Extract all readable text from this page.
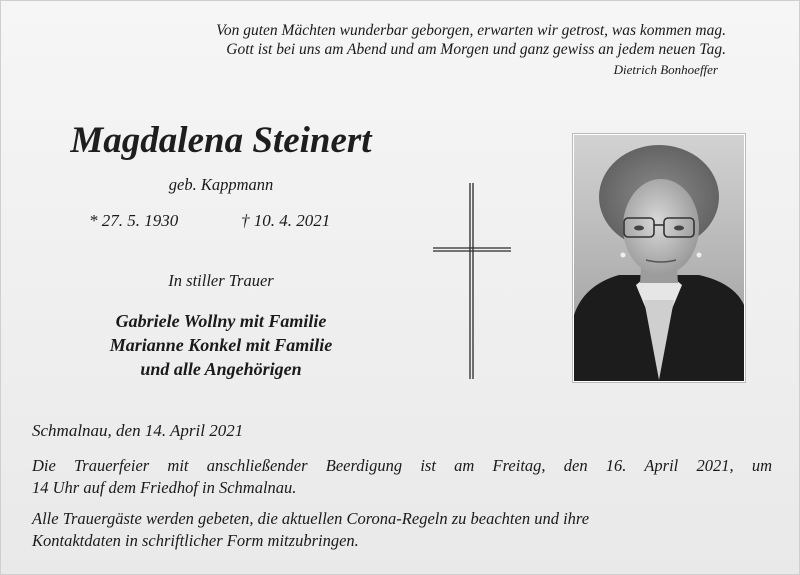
Von guten Mächten wunderbar geborgen, erwarten wir getrost, was kommen mag.
Gott ist bei uns am Abend und am Morgen und ganz gewiss an jedem neuen Tag.
Dietrich Bonhoeffer
Magdalena Steinert
geb. Kappmann
* 27. 5. 1930	† 10. 4. 2021
In stiller Trauer
Gabriele Wollny mit Familie
Marianne Konkel mit Familie
und alle Angehörigen
Schmalnau, den 14. April 2021
Die Trauerfeier mit anschließender Beerdigung ist am Freitag, den 16. April 2021, um
14 Uhr auf dem Friedhof in Schmalnau.
Alle Trauergäste werden gebeten, die aktuellen Corona-Regeln zu beachten und ihre
Kontaktdaten in schriftlicher Form mitzubringen.
